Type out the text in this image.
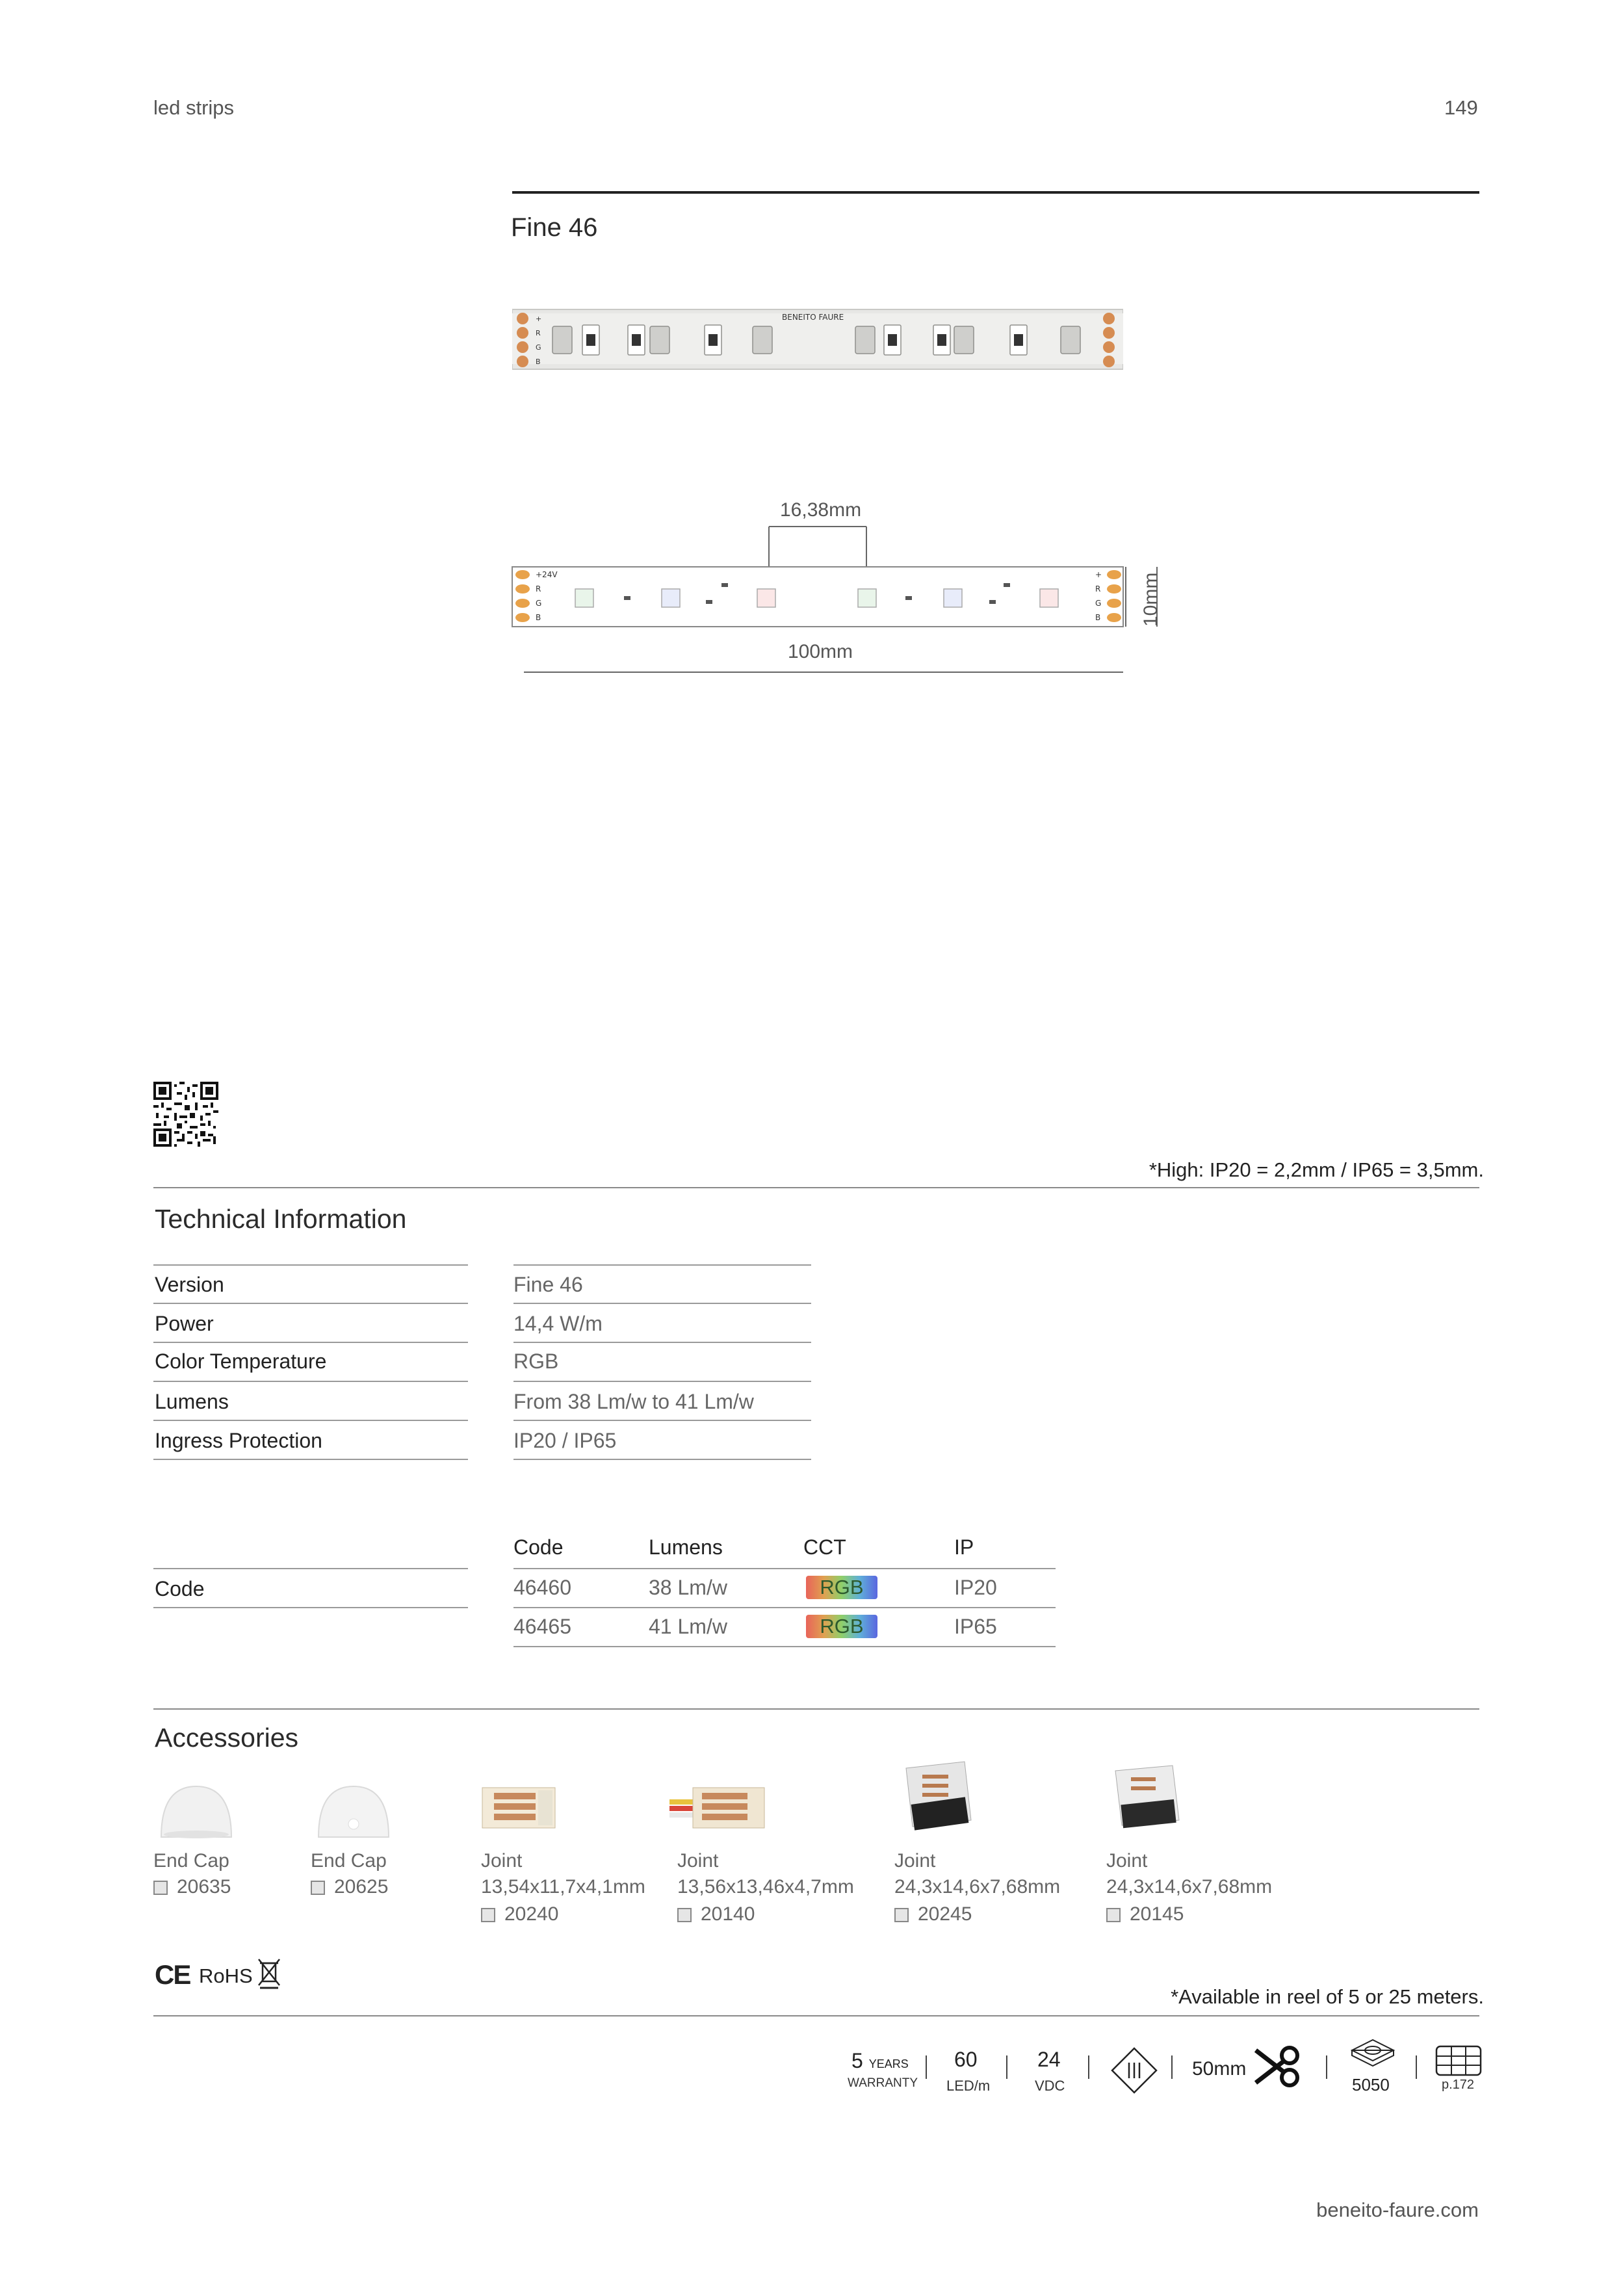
led strips	149
Fine 46
+
R
G
B
BENEITO FAURE
16,38mm
+24V
R
G
B
+
R
G
B 10mm
100mm
*High: IP20 = 2,2mm / IP65 = 3,5mm.
Technical Information
Version	Fine 46
Power	14,4 W/m
Color Temperature	RGB
Lumens	From 38 Lm/w to 41 Lm/w
Ingress Protection	IP20 / IP65
Code	Lumens	CCT	IP
Code	46460	38 Lm/w	RGB	IP20
46465	41 Lm/w	RGB	IP65
Accessories
End Cap
20635
End Cap
20625
Joint
13,54x11,7x4,1mm
20240
Joint
13,56x13,46x4,7mm
20140
Joint
24,3x14,6x7,68mm
20245
Joint
24,3x14,6x7,68mm
20145
CE RoHS
*Available in reel of 5 or 25 meters.
5 YEARS
WARRANTY
60
LED/m
24
VDC
50mm
5050	p.172
beneito-faure.com
